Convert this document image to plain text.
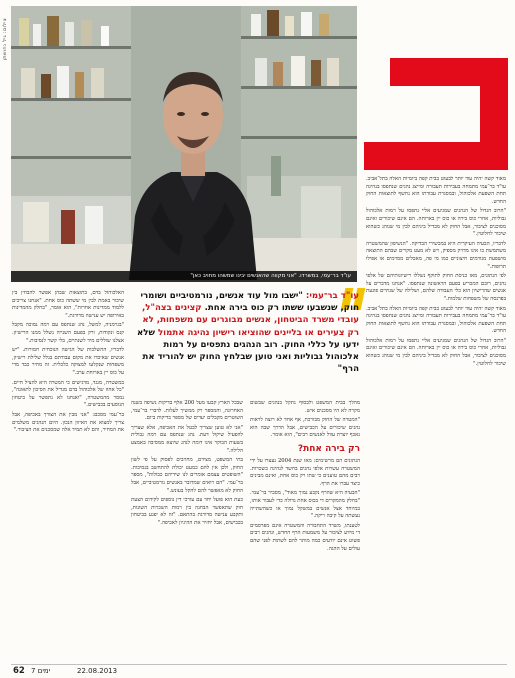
צילום: גיל נחושתן
עו"ד בר־עמי, במשרדו. "אני מקווה שהאנשים יבינו שמשהו מחויב כאן"

מאוד קשה יהיה עוד יותר לבעוט בבית קפה ביומיות האלה בתל־אביב. עו"ד בר־עמי מתמחה בעבירות תעבורה ומייצג נהגים שנתפסו בנהיגה תחת השפעת אלכוהול, ובמסגרת עבודתו הוא נחשף לתוצאות החוק החדש.

"הרוב הגדול של הנהגים שמגיעים אליי נתפסו על רמות אלכוהול גבוליות, אחרי כוס בירה או כוס יין בארוחה. הם אינם שיכורים ואינם מסוכנים לציבור, אבל החוק לא מבדיל ביניהם לבין מי שנוהג כשהוא שיכור לחלוטין."

לדבריו, הבעיה העיקרית היא במכשירי הבדיקה. "הנשיפון שהמשטרה משתמשת בו אינו מדויק מספיק, ויש לא מעט מקרים שבהם התוצאה מושפעת מגורמים חיצוניים כמו מי פה, מאכלים מסוימים או אפילו תרופות."

לפי הנתונים, מאז כניסת החוק לתוקף נשללו רישיונותיהם של אלפי נהגים, רובם המכריע בפעם הראשונה שנתפסו. "אנחנו מדברים על אנשים שהרישיון הוא כלי העבודה שלהם, ושלילה של שנתיים פוגעת בפרנסה של משפחות שלמות."

מאוד קשה יהיה עוד יותר לבעוט בבית קפה ביומיות האלה בתל־אביב. עו"ד בר־עמי מתמחה בעבירות תעבורה ומייצג נהגים שנתפסו בנהיגה תחת השפעת אלכוהול, ובמסגרת עבודתו הוא נחשף לתוצאות החוק החדש.

"הרוב הגדול של הנהגים שמגיעים אליי נתפסו על רמות אלכוהול גבוליות, אחרי כוס בירה או כוס יין בארוחה. הם אינם שיכורים ואינם מסוכנים לציבור, אבל החוק לא מבדיל ביניהם לבין מי שנוהג כשהוא שיכור לחלוטין."

עו"ד בר־עמי: "ישבו מול עוד אנשים, נורמטיביים ושומרי חוק, שנשבעו ששתו רק כוס בירה אחת. קצינים בצה"ל, עובדי משרד הביטחון, אנשים מבוגרים עם משפחות, לא רק צעירים או בליינים שהוציאו רישיון נהיגה אתמול שלא ידעו על כללי החוק. רוב הנהגים נתפסים על רמות אלכוהול גבוליות ואני טוען שבלחץ החוק יש להוריד את הרף"

מהלך בבית המשפט ולבסוף נתקל בנהגים שבשום מקרה לא היו מסכנים איש.

"המטרה של החוק מבורכת, אף אחד לא רוצה לראות נהגים שיכורים על הכבישים, אבל הדרך שבה הוא נאכף יוצרת עוול לאנשים רבים", הוא אומר.

רק בירה אחת?

הנתונים הם מרשימים: מאז שנת 2004 נעצרו על ידי המשטרה עשרות אלפי נהגים בחשד לנהיגה בשכרות. רבים מהם טוענים כי שתו רק כוס אחת, ואינם מבינים כיצד עברו את הרף.

"הבעיה היא שהרף נקבע נמוך מאוד", מסביר בר־עמי. "בחלק מהמקרים די בכוס אחת גדולה כדי לעבור אותו, במיוחד אצל אנשים במשקל נמוך או כשהשתייה נעשתה על קיבה ריקה."

לטענתו, משרד התחבורה והמשטרה אינם מפרסמים די מידע לציבור על משמעות הרף החדש, ונהגים רבים פשוט אינם יודעים כמה מותר להם לשתות לפני שהם עולים על ההגה.

שבכל הארץ קבעו מעל 200 אלף בדיקות נשיפה בשנה האחרונה, והמספר רק ממשיך לעלות. לדברי בר־עמי, השוטרים מקבלים יעדים של מספר בדיקות ביום.

"אני לא טוען שצריך לבטל את האכיפה, אלא שצריך להפעיל שיקול דעת. נהג שנתפס עם רמה גבולית בשעות הבוקר אינו דומה לנהג שיוצא ממסיבה באמצע הלילה."

בתי המשפט, מצידם, מחויבים לפסוק על פי לשון החוק, ולכן אין להם כמעט יכולת להתחשב בנסיבות. "השופטים עצמם אומרים לנו שידיהם כבולות", מספר בר־עמי. "הם רואים שמדובר באנשים נורמטיביים, אבל החוק לא מאפשר להם להקל בעונש."

כעת הוא פועל יחד עם עורכי דין נוספים לקידום הצעת חוק שתאפשר הבחנה בין רמות השכרות השונות, ותקבע ענישה מדורגת בהתאם. "זה לא יפגע בביטחון בכבישים, אבל יחזיר את ההיגיון לאכיפה."

האלכוהול בדם, בתוצאות שבהן אפשר להבחין בין שיכור באמת לבין מי ששתה כוס אחת. "אנחנו צריכים ללמוד ממדינות אחרות", הוא אומר, "בחלק מהמדינות באירופה יש ענישה מדורגת."

"בגרמניה, למשל, נהג שנתפס עם רמה נמוכה מקבל קנס ונקודות, ורק בפעם השנייה נשלל ממנו הרישיון. אצלנו שוללים מיד לשנתיים, בלי קשר לנסיבות."

לדבריו, ההשלכות של הגישה הנוכחית חמורות. "יש אנשים שאיבדו את מקום עבודתם בגלל שלילת רישיון, משפחות שנקלעו למצוקה כלכלית. זה מחיר כבד מדי על כוס יין בארוחת ערב."

במשטרה, מנגד, מדגישים כי המטרה היא להציל חיים. "כל אחוז של אלכוהול בדם מגדיל את הסיכון לתאונה", נמסר מהמשטרה, "ואנחנו לא נתפשר על ביטחון הנוסעים בכבישים."

בר־עמי מסכם: "אני מבין את הצורך באכיפה, אבל צריך למצוא את האיזון הנכון. היום הנהגים משלמים את המחיר, והם לא תמיד אלה שמסכנים את הציבור."

62 7 ימים	22.08.2013
